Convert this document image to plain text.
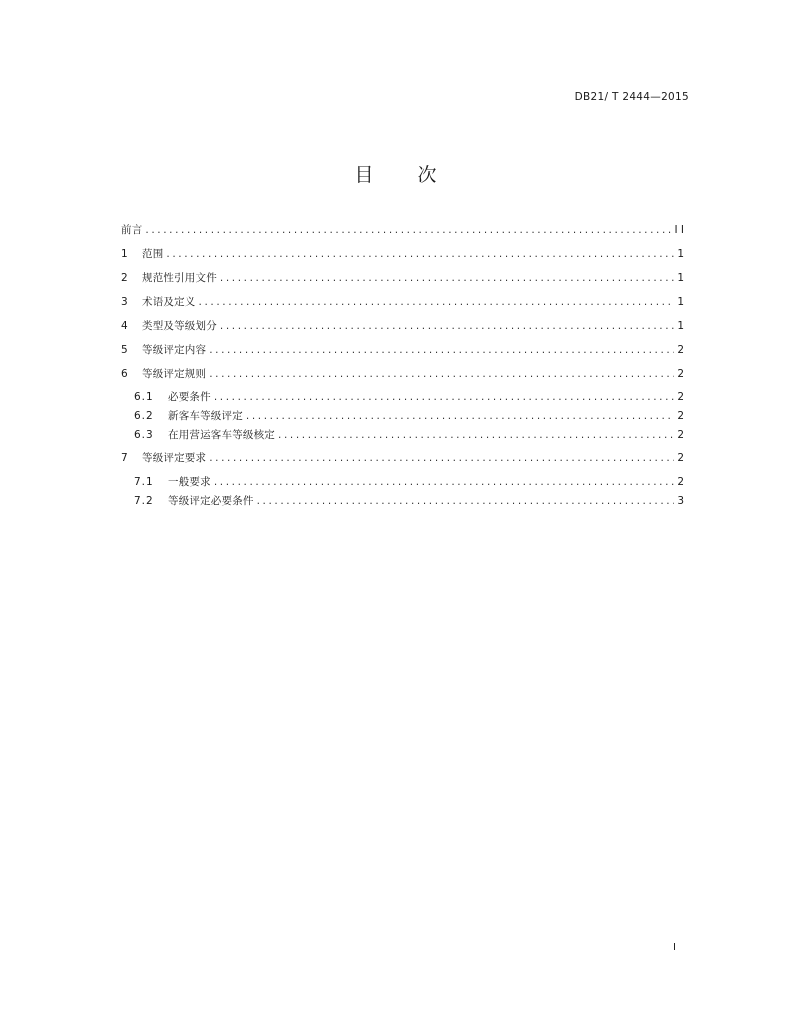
DB21/ T 2444—2015
目 次
前言 .....	I I
1	范围 .....	1
2	规范性引用文件 .....	1
3	术语及定义 .....	1
4	类型及等级划分 .....	1
5	等级评定内容 .....	2
6	等级评定规则 .....	2
6.1	必要条件 .....	2
6.2	新客车等级评定 .....	2
6.3	在用营运客车等级核定 .....	2
7	等级评定要求 .....	2
7.1	一般要求 .....	2
7.2	等级评定必要条件 .....	3
I
